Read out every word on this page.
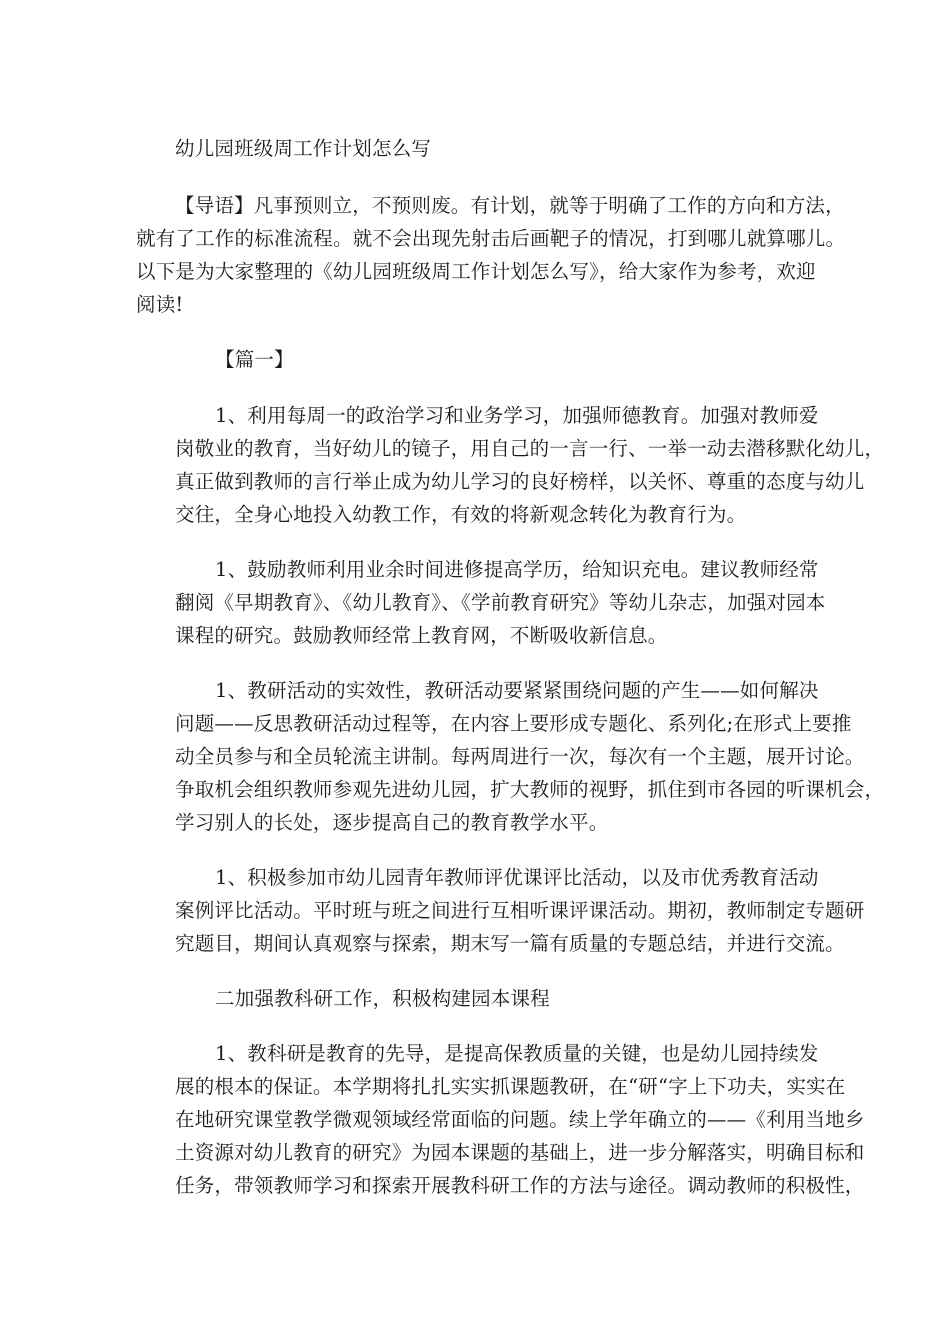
幼儿园班级周工作计划怎么写
【导语】凡事预则立，不预则废。有计划，就等于明确了工作的方向和方法，
就有了工作的标准流程。就不会出现先射击后画靶子的情况，打到哪儿就算哪儿。
以下是为大家整理的《幼儿园班级周工作计划怎么写》，给大家作为参考，欢迎
阅读!
【篇一】
1、利用每周一的政治学习和业务学习，加强师德教育。加强对教师爱
岗敬业的教育，当好幼儿的镜子，用自己的一言一行、一举一动去潜移默化幼儿，
真正做到教师的言行举止成为幼儿学习的良好榜样，以关怀、尊重的态度与幼儿
交往，全身心地投入幼教工作，有效的将新观念转化为教育行为。
1、鼓励教师利用业余时间进修提高学历，给知识充电。建议教师经常
翻阅《早期教育》、《幼儿教育》、《学前教育研究》等幼儿杂志，加强对园本
课程的研究。鼓励教师经常上教育网，不断吸收新信息。
1、教研活动的实效性，教研活动要紧紧围绕问题的产生——如何解决
问题——反思教研活动过程等，在内容上要形成专题化、系列化;在形式上要推
动全员参与和全员轮流主讲制。每两周进行一次，每次有一个主题，展开讨论。
争取机会组织教师参观先进幼儿园，扩大教师的视野，抓住到市各园的听课机会，
学习别人的长处，逐步提高自己的教育教学水平。
1、积极参加市幼儿园青年教师评优课评比活动，以及市优秀教育活动
案例评比活动。平时班与班之间进行互相听课评课活动。期初，教师制定专题研
究题目，期间认真观察与探索，期末写一篇有质量的专题总结，并进行交流。
二加强教科研工作，积极构建园本课程
1、教科研是教育的先导，是提高保教质量的关键，也是幼儿园持续发
展的根本的保证。本学期将扎扎实实抓课题教研，在“研“字上下功夫，实实在
在地研究课堂教学微观领域经常面临的问题。续上学年确立的——《利用当地乡
土资源对幼儿教育的研究》为园本课题的基础上，进一步分解落实，明确目标和
任务，带领教师学习和探索开展教科研工作的方法与途径。调动教师的积极性，
